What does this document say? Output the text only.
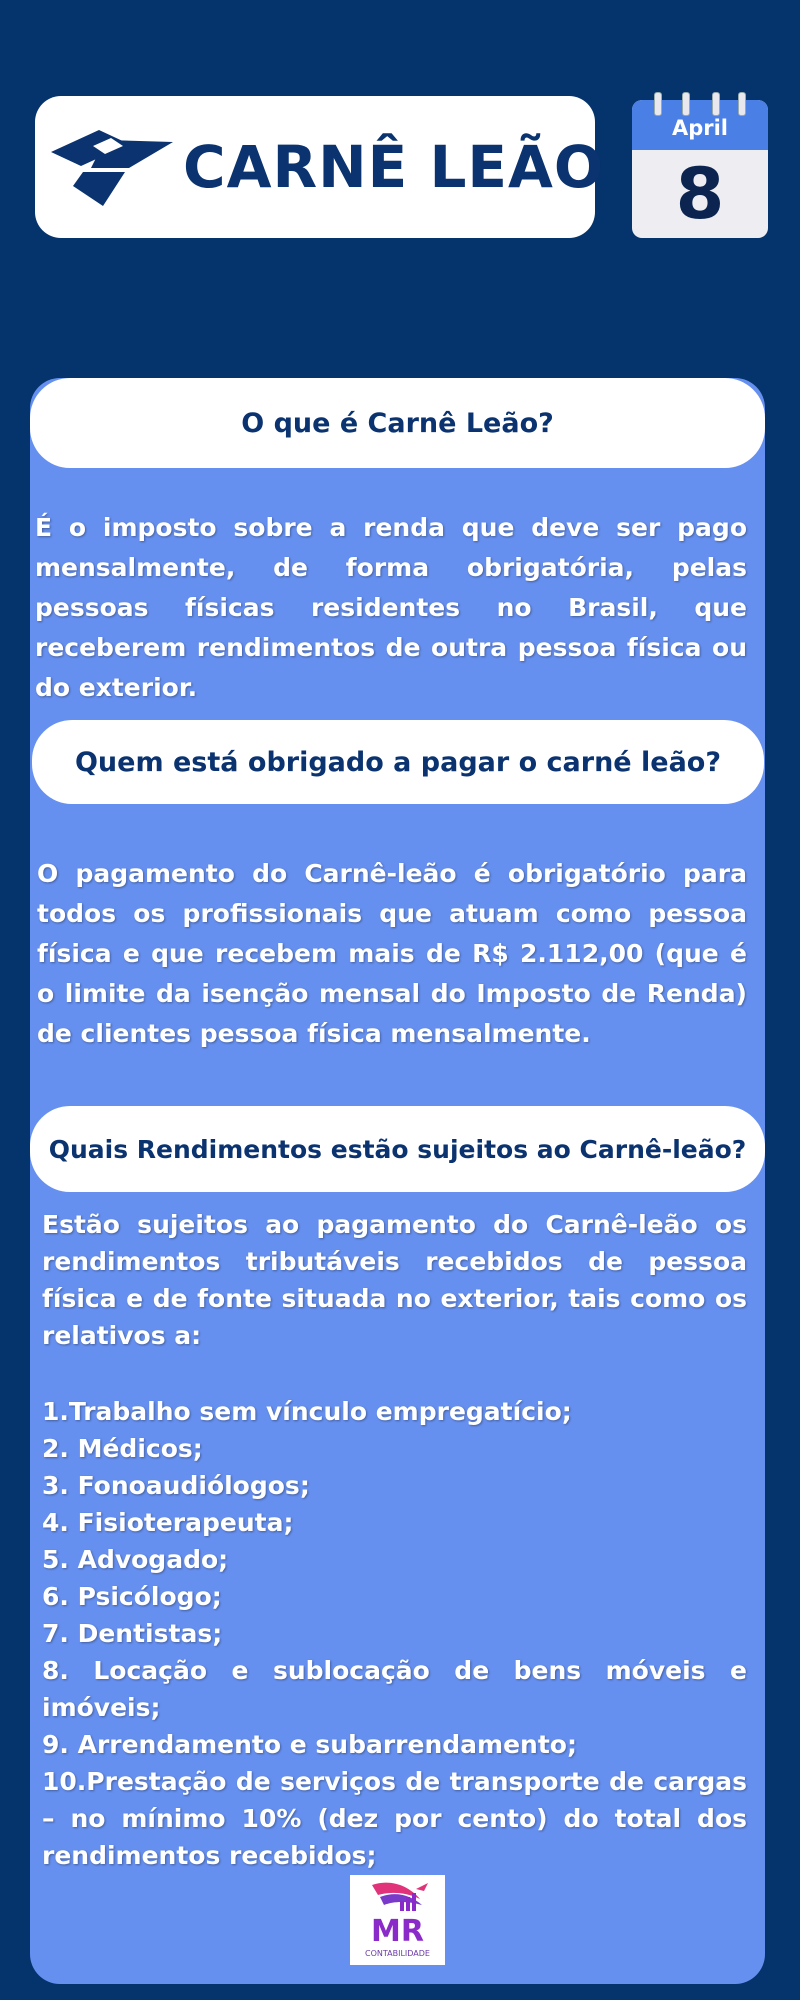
CARNÊ LEÃO
April
8
O que é Carnê Leão?
É o imposto sobre a renda que deve ser pago mensalmente, de forma obrigatória, pelas pessoas físicas residentes no Brasil, que receberem rendimentos de outra pessoa física ou do exterior.
Quem está obrigado a pagar o carné leão?
O pagamento do Carnê-leão é obrigatório para todos os profissionais que atuam como pessoa física e que recebem mais de R$ 2.112,00 (que é o limite da isenção mensal do Imposto de Renda) de clientes pessoa física mensalmente.
Quais Rendimentos estão sujeitos ao Carnê-leão?
Estão sujeitos ao pagamento do Carnê-leão os rendimentos tributáveis recebidos de pessoa física e de fonte situada no exterior, tais como os relativos a:
1.Trabalho sem vínculo empregatício;
2. Médicos;
3. Fonoaudiólogos;
4. Fisioterapeuta;
5. Advogado;
6. Psicólogo;
7. Dentistas;
8. Locação e sublocação de bens móveis e imóveis;
9. Arrendamento e subarrendamento;
10.Prestação de serviços de transporte de cargas – no mínimo 10% (dez por cento) do total dos rendimentos recebidos;
MR
CONTABILIDADE
